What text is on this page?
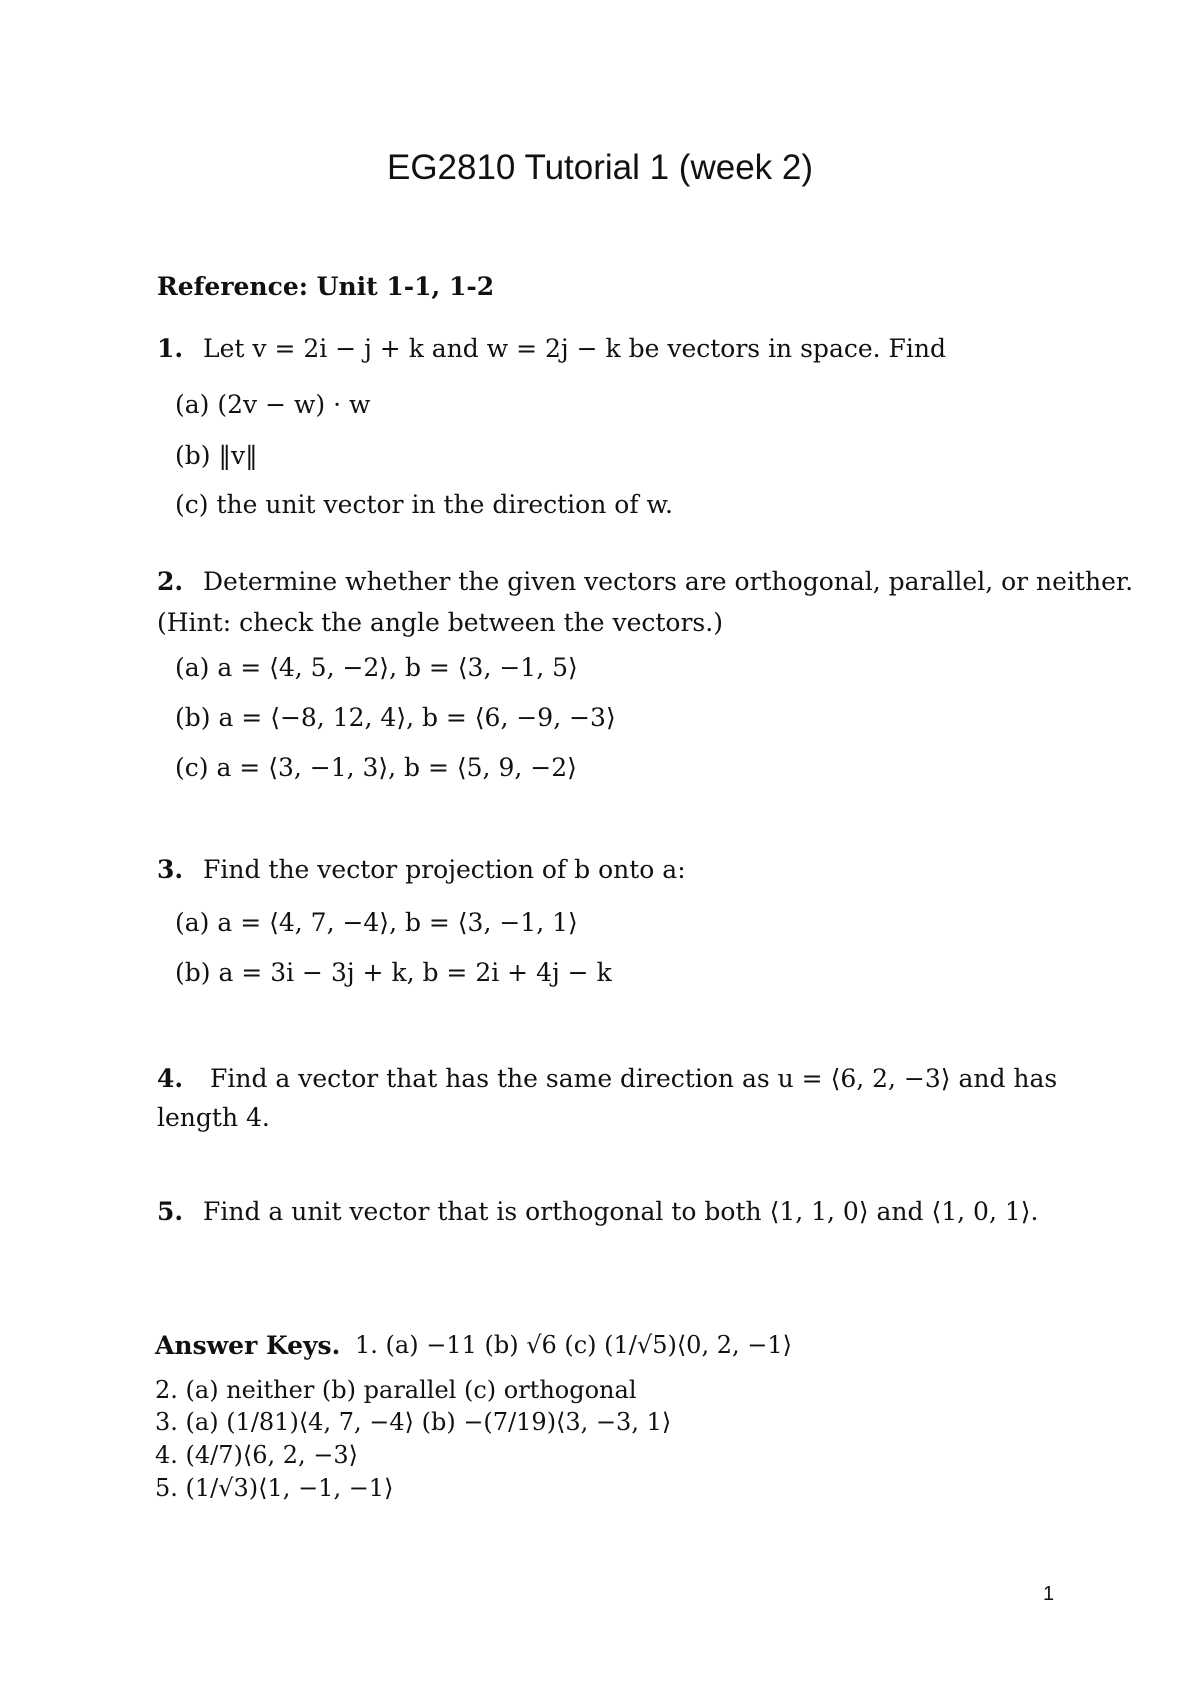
EG2810 Tutorial 1 (week 2)
Reference: Unit 1-1, 1-2
1. Let v = 2i − j + k and w = 2j − k be vectors in space. Find
(a) (2v − w) · w
(b) ‖v‖
(c) the unit vector in the direction of w.
2. Determine whether the given vectors are orthogonal, parallel, or neither.
(Hint: check the angle between the vectors.)
(a) a = ⟨4, 5, −2⟩, b = ⟨3, −1, 5⟩
(b) a = ⟨−8, 12, 4⟩, b = ⟨6, −9, −3⟩
(c) a = ⟨3, −1, 3⟩, b = ⟨5, 9, −2⟩
3. Find the vector projection of b onto a:
(a) a = ⟨4, 7, −4⟩, b = ⟨3, −1, 1⟩
(b) a = 3i − 3j + k, b = 2i + 4j − k
4. Find a vector that has the same direction as u = ⟨6, 2, −3⟩ and has
length 4.
5. Find a unit vector that is orthogonal to both ⟨1, 1, 0⟩ and ⟨1, 0, 1⟩.
Answer Keys. 1. (a) −11 (b) √6 (c) (1/√5)⟨0, 2, −1⟩
2. (a) neither (b) parallel (c) orthogonal
3. (a) (1/81)⟨4, 7, −4⟩ (b) −(7/19)⟨3, −3, 1⟩
4. (4/7)⟨6, 2, −3⟩
5. (1/√3)⟨1, −1, −1⟩
1
